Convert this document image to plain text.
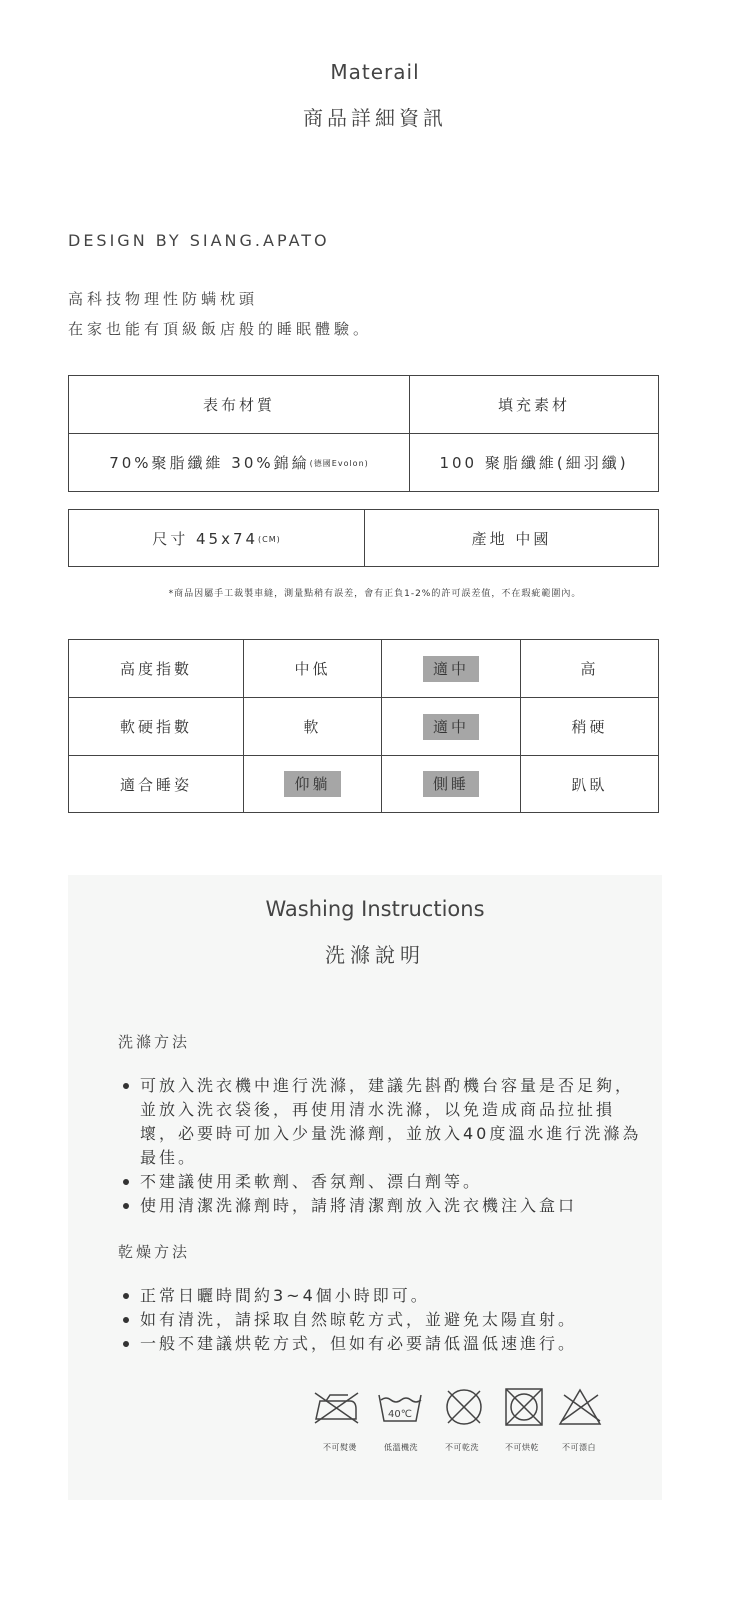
Materail
商品詳細資訊
DESIGN BY SIANG.APATO
高科技物理性防螨枕頭
在家也能有頂級飯店般的睡眠體驗。
表布材質	填充素材
70%聚脂纖維 30%錦綸(德國Evolon)	100 聚脂纖維(細羽纖)
尺寸 45x74(CM)	產地 中國
*商品因屬手工裁製車縫，測量點稍有誤差，會有正負1-2%的許可誤差值，不在瑕疵範圍內。
高度指數	中低	適中	高
軟硬指數	軟	適中	稍硬
適合睡姿	仰躺	側睡	趴臥
Washing Instructions
洗滌說明
洗滌方法
可放入洗衣機中進行洗滌，建議先斟酌機台容量是否足夠，並放入洗衣袋後，再使用清水洗滌，以免造成商品拉扯損壞，必要時可加入少量洗滌劑，並放入40度溫水進行洗滌為最佳。
不建議使用柔軟劑、香氛劑、漂白劑等。
使用清潔洗滌劑時，請將清潔劑放入洗衣機注入盒口
乾燥方法
正常日曬時間約3~4個小時即可。
如有清洗，請採取自然晾乾方式，並避免太陽直射。
一般不建議烘乾方式，但如有必要請低溫低速進行。
40℃
不可熨燙	低溫機洗	不可乾洗	不可烘乾	不可漂白
